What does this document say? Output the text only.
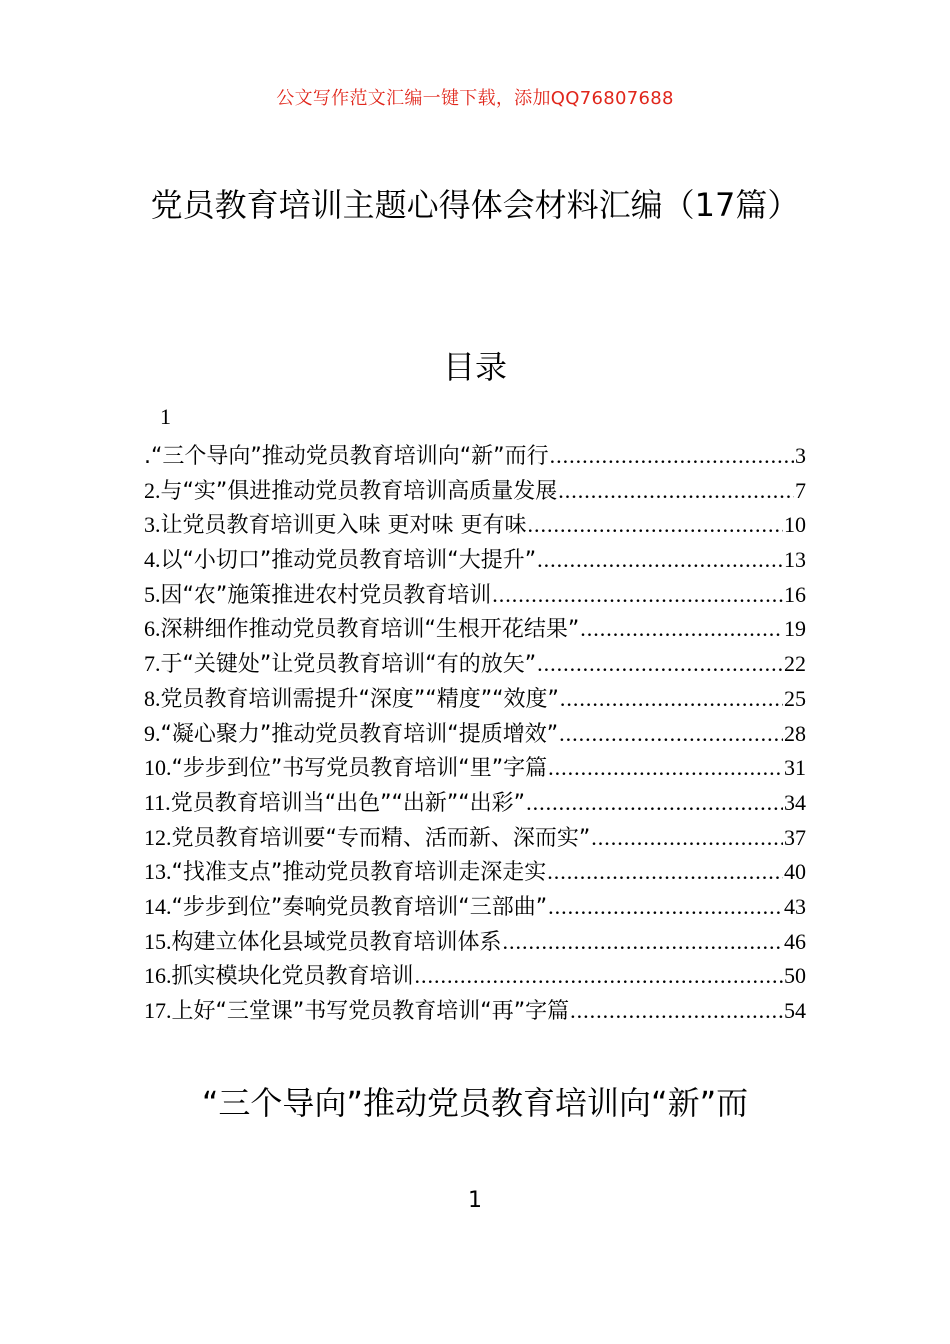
公文写作范文汇编一键下载，添加QQ76807688
党员教育培训主题心得体会材料汇编（17篇）
目录
1
.“三个导向”推动党员教育培训向“新”而行 .....	3
2. 与“实”俱进推动党员教育培训高质量发展 .....	7
3. 让党员教育培训更入味 更对味 更有味 .....	10
4. 以“小切口”推动党员教育培训“大提升” .....	13
5. 因“农”施策推进农村党员教育培训 .....	16
6. 深耕细作推动党员教育培训“生根开花结果” .....	19
7. 于“关键处”让党员教育培训“有的放矢” .....	22
8. 党员教育培训需提升“深度”“精度”“效度” .....	25
9. “凝心聚力”推动党员教育培训“提质增效” .....	28
10. “步步到位”书写党员教育培训“里”字篇 .....	31
11. 党员教育培训当“出色”“出新”“出彩” .....	34
12. 党员教育培训要“专而精、活而新、深而实” .....	37
13. “找准支点”推动党员教育培训走深走实 .....	40
14. “步步到位”奏响党员教育培训“三部曲” .....	43
15. 构建立体化县域党员教育培训体系 .....	46
16. 抓实模块化党员教育培训 .....	50
17. 上好“三堂课”书写党员教育培训“再”字篇 .....	54
“三个导向”推动党员教育培训向“新”而
1
